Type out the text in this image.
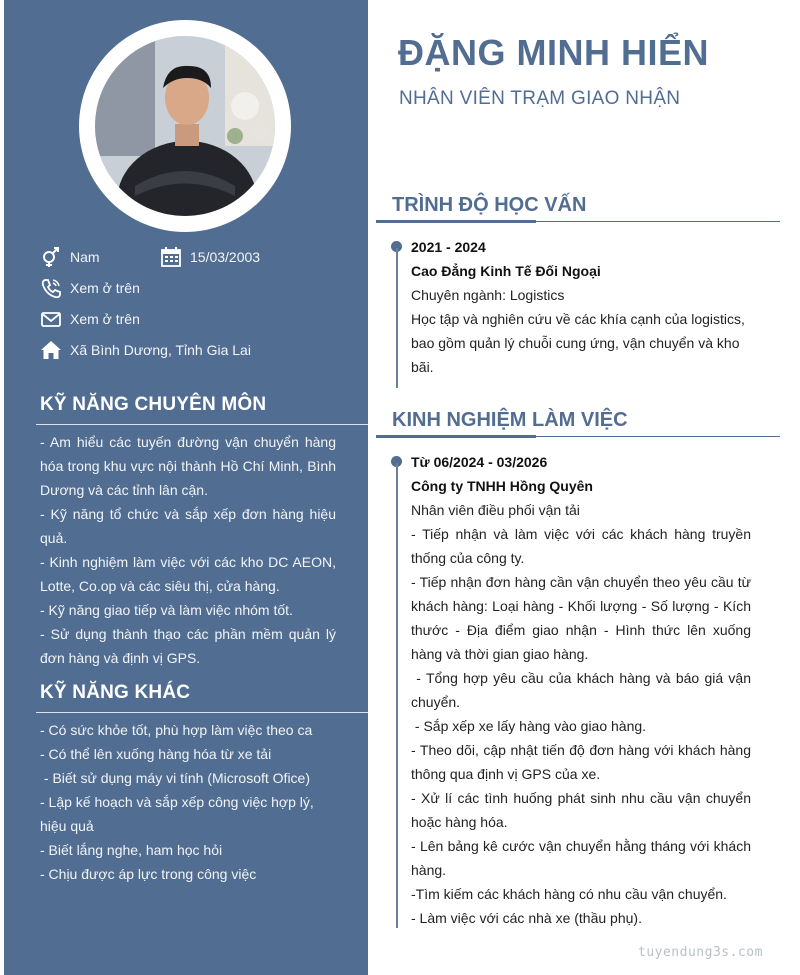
Nam	15/03/2003
Xem ở trên
Xem ở trên
Xã Bình Dương, Tỉnh Gia Lai
KỸ NĂNG CHUYÊN MÔN

- Am hiểu các tuyến đường vận chuyển hàng hóa trong khu vực nội thành Hồ Chí Minh, Bình Dương và các tỉnh lân cận.

- Kỹ năng tổ chức và sắp xếp đơn hàng hiệu quả.

- Kinh nghiệm làm việc với các kho DC AEON, Lotte, Co.op và các siêu thị, cửa hàng.

- Kỹ năng giao tiếp và làm việc nhóm tốt.

- Sử dụng thành thạo các phần mềm quản lý đơn hàng và định vị GPS.

KỸ NĂNG KHÁC

- Có sức khỏe tốt, phù hợp làm việc theo ca

- Có thể lên xuống hàng hóa từ xe tải

- Biết sử dụng máy vi tính (Microsoft Ofice)

- Lập kế hoạch và sắp xếp công việc hợp lý, hiệu quả

- Biết lắng nghe, ham học hỏi

- Chịu được áp lực trong công việc

ĐẶNG MINH HIỂN
NHÂN VIÊN TRẠM GIAO NHẬN
TRÌNH ĐỘ HỌC VẤN

2021 - 2024

Cao Đẳng Kinh Tế Đối Ngoại

Chuyên ngành: Logistics

Học tập và nghiên cứu về các khía cạnh của logistics, bao gồm quản lý chuỗi cung ứng, vận chuyển và kho bãi.

KINH NGHIỆM LÀM VIỆC

Từ 06/2024 - 03/2026

Công ty TNHH Hồng Quyên

Nhân viên điều phối vận tải

- Tiếp nhận và làm việc với các khách hàng truyền thống của công ty.

- Tiếp nhận đơn hàng cần vận chuyển theo yêu cầu từ khách hàng: Loại hàng - Khối lượng - Số lượng - Kích thước - Địa điểm giao nhận - Hình thức lên xuống hàng và thời gian giao hàng.

- Tổng hợp yêu cầu của khách hàng và báo giá vận chuyển.

- Sắp xếp xe lấy hàng vào giao hàng.

- Theo dõi, cập nhật tiến độ đơn hàng với khách hàng thông qua định vị GPS của xe.

- Xử lí các tình huống phát sinh nhu cầu vận chuyển hoặc hàng hóa.

- Lên bảng kê cước vận chuyển hằng tháng với khách hàng.

-Tìm kiếm các khách hàng có nhu cầu vận chuyển.

- Làm việc với các nhà xe (thầu phụ).

tuyendung3s.com
